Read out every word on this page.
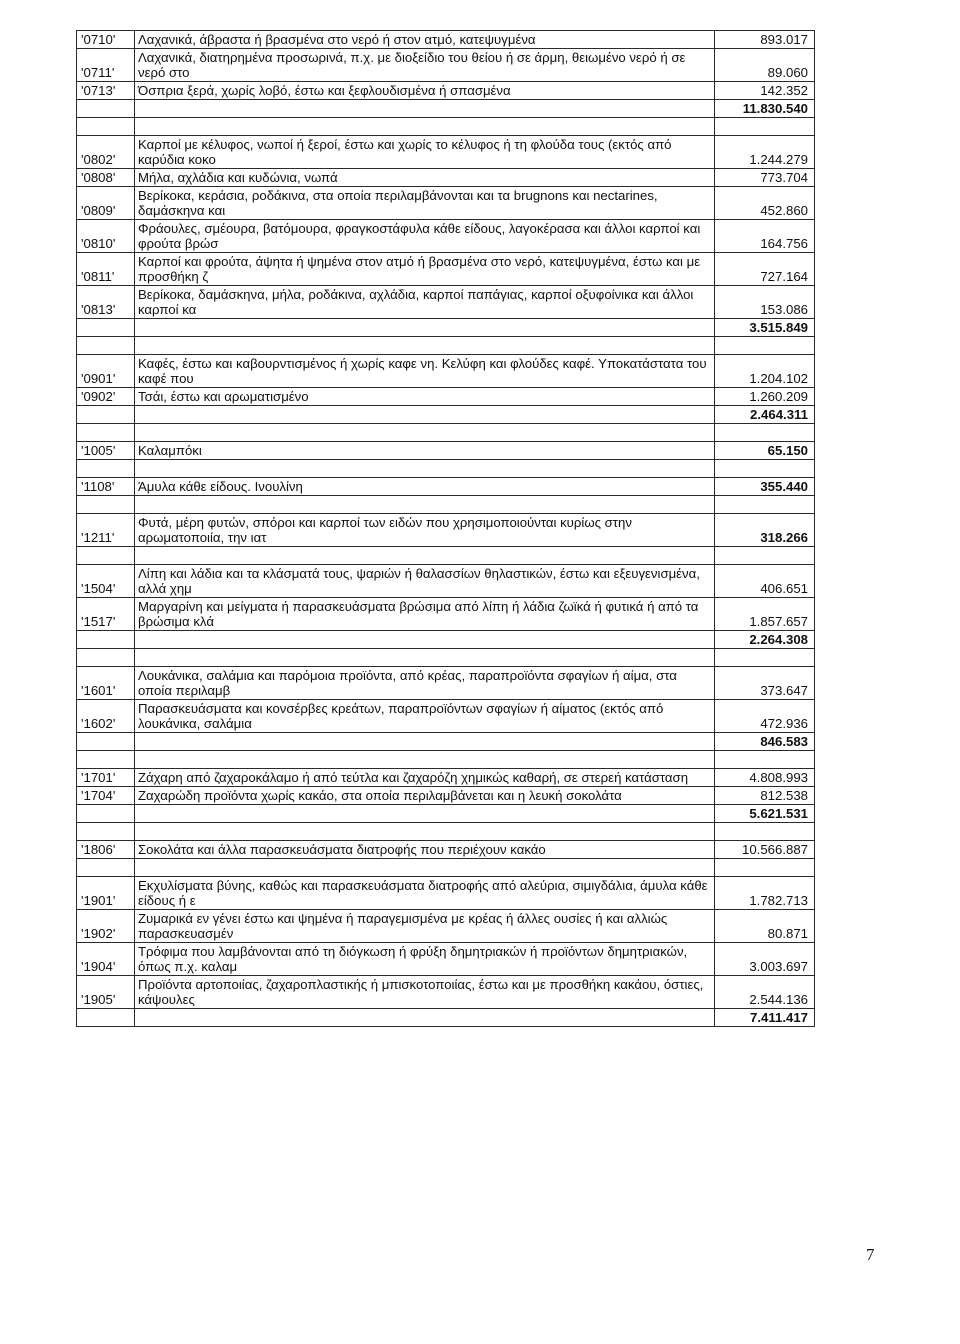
'0710'	Λαχανικά, άβραστα ή βρασμένα στο νερό ή στον ατμό, κατεψυγμένα	893.017
'0711'	Λαχανικά, διατηρημένα προσωρινά, π.χ. με διοξείδιο του θείου ή σε άρμη, θειωμένο νερό ή σε νερό στο	89.060
'0713'	Όσπρια ξερά, χωρίς λοβό, έστω και ξεφλουδισμένα ή σπασμένα	142.352
		11.830.540

'0802'	Καρποί με κέλυφος, νωποί ή ξεροί, έστω και χωρίς το κέλυφος ή τη φλούδα τους (εκτός από καρύδια κοκο	1.244.279
'0808'	Μήλα, αχλάδια και κυδώνια, νωπά	773.704
'0809'	Βερίκοκα, κεράσια, ροδάκινα, στα οποία περιλαμβάνονται και τα brugnons και nectarines, δαμάσκηνα και	452.860
'0810'	Φράουλες, σμέουρα, βατόμουρα, φραγκοστάφυλα κάθε είδους, λαγοκέρασα και άλλοι καρποί και φρούτα βρώσ	164.756
'0811'	Καρποί και φρούτα, άψητα ή ψημένα στον ατμό ή βρασμένα στο νερό, κατεψυγμένα, έστω και με προσθήκη ζ	727.164
'0813'	Βερίκοκα, δαμάσκηνα, μήλα, ροδάκινα, αχλάδια, καρποί παπάγιας, καρποί οξυφοίνικα και άλλοι καρποί κα	153.086
		3.515.849

'0901'	Καφές, έστω και καβουρντισμένος ή χωρίς καφε νη. Κελύφη και φλούδες καφέ. Υποκατάστατα του καφέ που	1.204.102
'0902'	Τσάι, έστω και αρωματισμένο	1.260.209
		2.464.311

'1005'	Καλαμπόκι	65.150

'1108'	Άμυλα κάθε είδους. Ινουλίνη	355.440

'1211'	Φυτά, μέρη φυτών, σπόροι και καρποί των ειδών που χρησιμοποιούνται κυρίως στην αρωματοποιία, την ιατ	318.266

'1504'	Λίπη και λάδια και τα κλάσματά τους, ψαριών ή θαλασσίων θηλαστικών, έστω και εξευγενισμένα, αλλά χημ	406.651
'1517'	Μαργαρίνη και μείγματα ή παρασκευάσματα βρώσιμα από λίπη ή λάδια ζωϊκά ή φυτικά ή από τα βρώσιμα κλά	1.857.657
		2.264.308

'1601'	Λουκάνικα, σαλάμια και παρόμοια προϊόντα, από κρέας, παραπροϊόντα σφαγίων ή αίμα, στα οποία περιλαμβ	373.647
'1602'	Παρασκευάσματα και κονσέρβες κρεάτων, παραπροϊόντων σφαγίων ή αίματος (εκτός από λουκάνικα, σαλάμια	472.936
		846.583

'1701'	Ζάχαρη από ζαχαροκάλαμο ή από τεύτλα και ζαχαρόζη χημικώς καθαρή, σε στερεή κατάσταση	4.808.993
'1704'	Ζαχαρώδη προϊόντα χωρίς κακάο, στα οποία περιλαμβάνεται και η λευκή σοκολάτα	812.538
		5.621.531

'1806'	Σοκολάτα και άλλα παρασκευάσματα διατροφής που περιέχουν κακάο	10.566.887

'1901'	Εκχυλίσματα βύνης, καθώς και παρασκευάσματα διατροφής από αλεύρια, σιμιγδάλια, άμυλα κάθε είδους ή ε	1.782.713
'1902'	Ζυμαρικά εν γένει έστω και ψημένα ή παραγεμισμένα με κρέας ή άλλες ουσίες ή και αλλιώς παρασκευασμέν	80.871
'1904'	Τρόφιμα που λαμβάνονται από τη διόγκωση ή φρύξη δημητριακών ή προϊόντων δημητριακών, όπως π.χ. καλαμ	3.003.697
'1905'	Προϊόντα αρτοποιίας, ζαχαροπλαστικής ή μπισκοτοποιίας, έστω και με προσθήκη κακάου, όστιες, κάψουλες	2.544.136
		7.411.417
7
